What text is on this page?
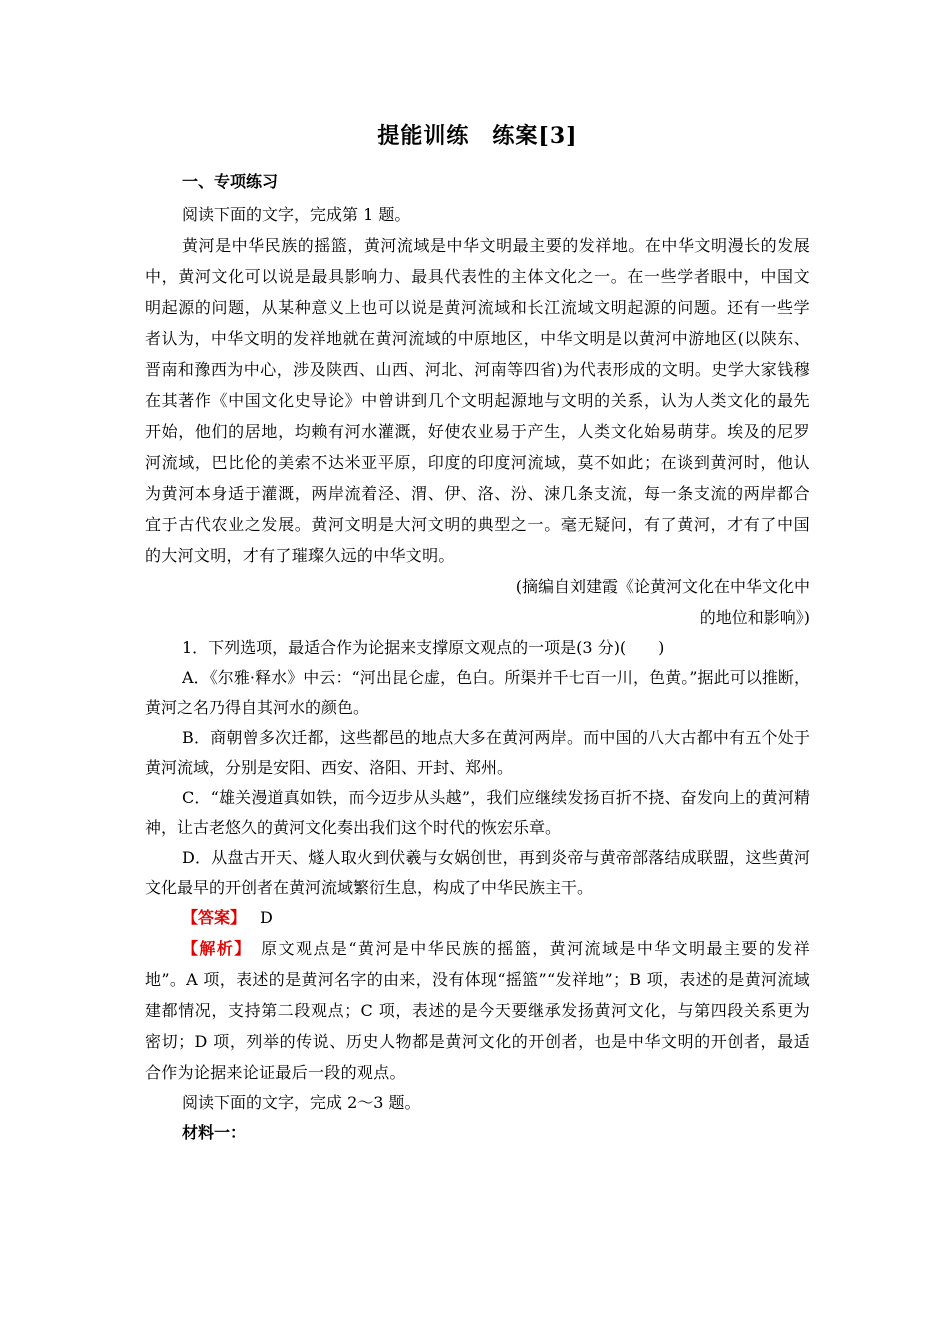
提能训练　练案[3]

一、专项练习

阅读下面的文字，完成第 1 题。

黄河是中华民族的摇篮，黄河流域是中华文明最主要的发祥地。在中华文明漫长的发展中，黄河文化可以说是最具影响力、最具代表性的主体文化之一。在一些学者眼中，中国文明起源的问题，从某种意义上也可以说是黄河流域和长江流域文明起源的问题。还有一些学者认为，中华文明的发祥地就在黄河流域的中原地区，中华文明是以黄河中游地区(以陕东、晋南和豫西为中心，涉及陕西、山西、河北、河南等四省)为代表形成的文明。史学大家钱穆在其著作《中国文化史导论》中曾讲到几个文明起源地与文明的关系，认为人类文化的最先开始，他们的居地，均赖有河水灌溉，好使农业易于产生，人类文化始易萌芽。埃及的尼罗河流域，巴比伦的美索不达米亚平原，印度的印度河流域，莫不如此；在谈到黄河时，他认为黄河本身适于灌溉，两岸流着泾、渭、伊、洛、汾、涑几条支流，每一条支流的两岸都合宜于古代农业之发展。黄河文明是大河文明的典型之一。毫无疑问，有了黄河，才有了中国的大河文明，才有了璀璨久远的中华文明。

(摘编自刘建霞《论黄河文化在中华文化中
的地位和影响》)

1．下列选项，最适合作为论据来支撑原文观点的一项是(3 分)(　　)

A．《尔雅·释水》中云：“河出昆仑虚，色白。所渠并千七百一川，色黄。”据此可以推断，黄河之名乃得自其河水的颜色。

B．商朝曾多次迁都，这些都邑的地点大多在黄河两岸。而中国的八大古都中有五个处于黄河流域，分别是安阳、西安、洛阳、开封、郑州。

C．“雄关漫道真如铁，而今迈步从头越”，我们应继续发扬百折不挠、奋发向上的黄河精神，让古老悠久的黄河文化奏出我们这个时代的恢宏乐章。

D．从盘古开天、燧人取火到伏羲与女娲创世，再到炎帝与黄帝部落结成联盟，这些黄河文化最早的开创者在黄河流域繁衍生息，构成了中华民族主干。

【答案】 D

【解析】　 原文观点是“黄河是中华民族的摇篮，黄河流域是中华文明最主要的发祥地”。A 项，表述的是黄河名字的由来，没有体现“摇篮”“发祥地”；B 项，表述的是黄河流域建都情况，支持第二段观点；C 项，表述的是今天要继承发扬黄河文化，与第四段关系更为密切；D 项，列举的传说、历史人物都是黄河文化的开创者，也是中华文明的开创者，最适合作为论据来论证最后一段的观点。

阅读下面的文字，完成 2～3 题。

材料一：
